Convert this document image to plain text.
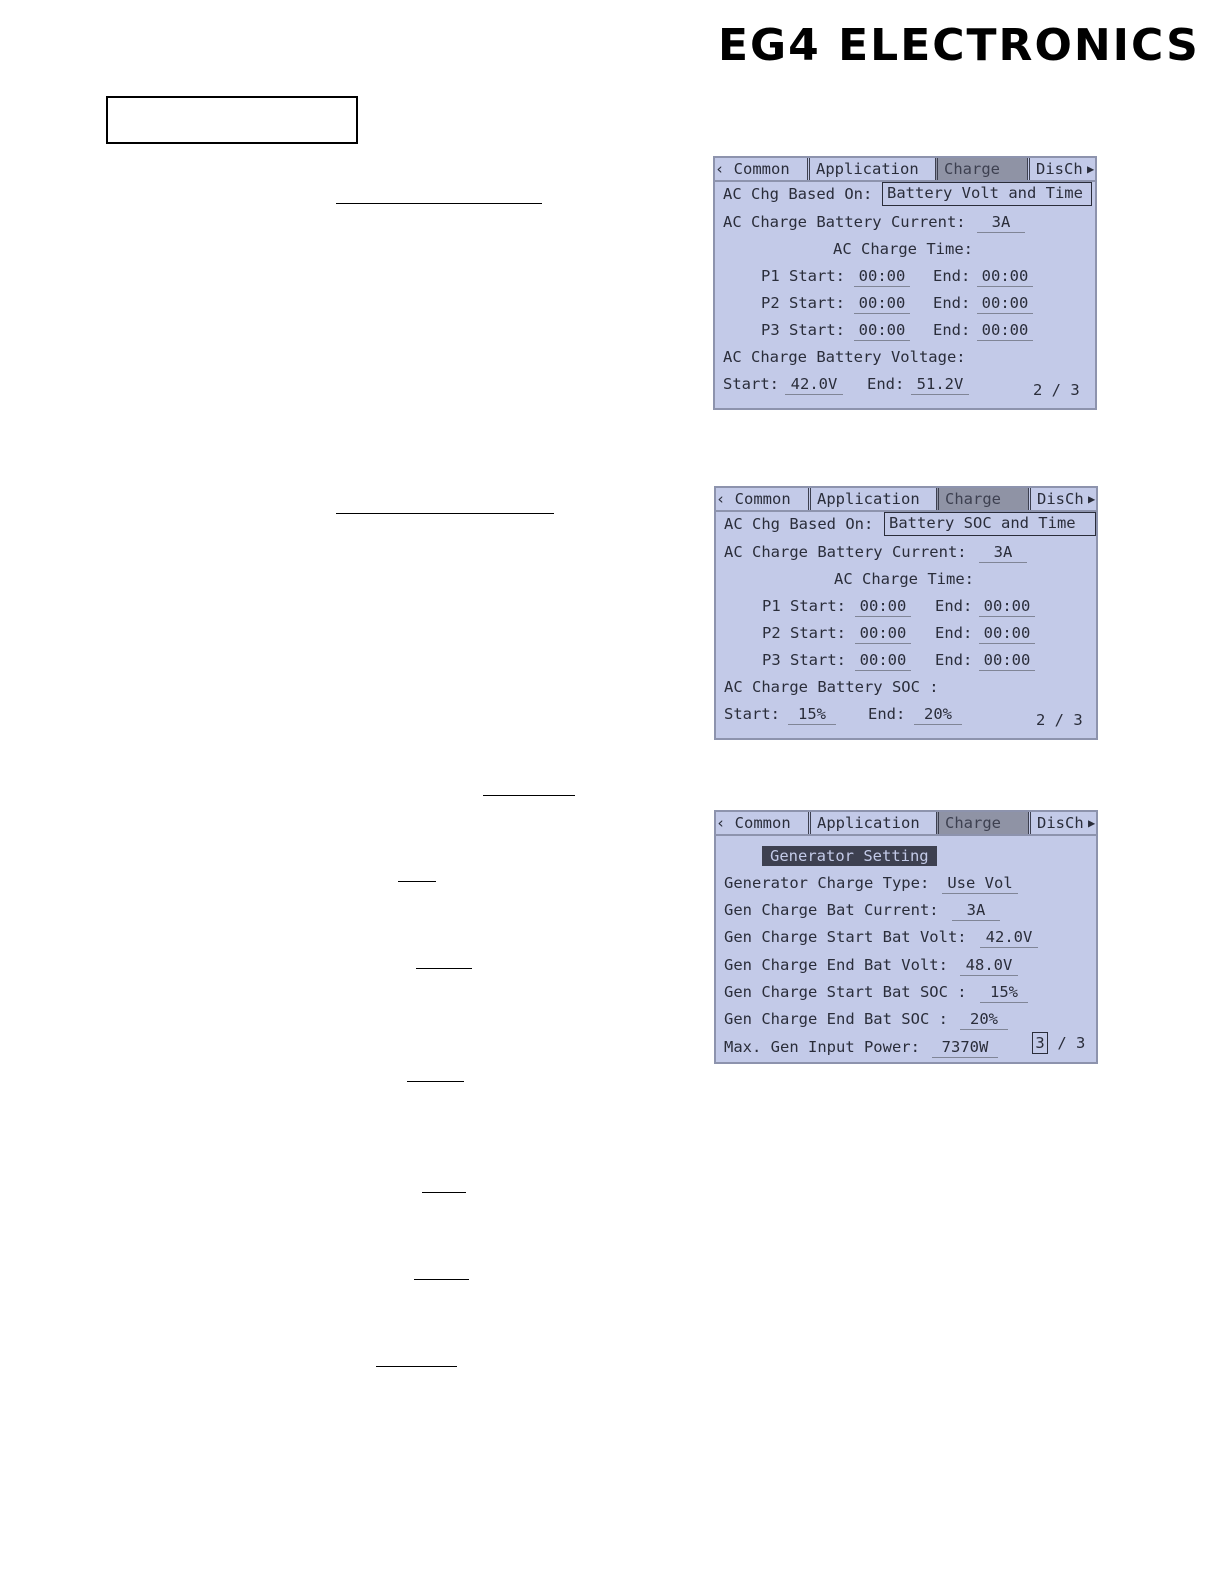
EG4 ELECTRONICS
‹ Common	Application	Charge	DisCh ▶
AC Chg Based On: Battery Volt and Time
AC Charge Battery Current:	3A
AC Charge Time:
P1 Start: 00:00	End: 00:00
P2 Start: 00:00	End: 00:00
P3 Start: 00:00	End: 00:00
AC Charge Battery Voltage:
Start: 42.0V	End: 51.2V	2 / 3
‹ Common	Application	Charge	DisCh ▶
AC Chg Based On:	Battery SOC and Time
AC Charge Battery Current:	3A
AC Charge Time:
P1 Start: 00:00	End: 00:00
P2 Start: 00:00	End: 00:00
P3 Start: 00:00	End: 00:00
AC Charge Battery SOC :
Start:	15%	End:	20%	2 / 3
‹ Common	Application	Charge	DisCh ▶
Generator Setting
Generator Charge Type:	Use Vol
Gen Charge Bat Current:	3A
Gen Charge Start Bat Volt:	42.0V
Gen Charge End Bat Volt:	48.0V
Gen Charge Start Bat SOC :	15%
Gen Charge End Bat SOC :	20%
Max. Gen Input Power:	7370W	3 / 3
